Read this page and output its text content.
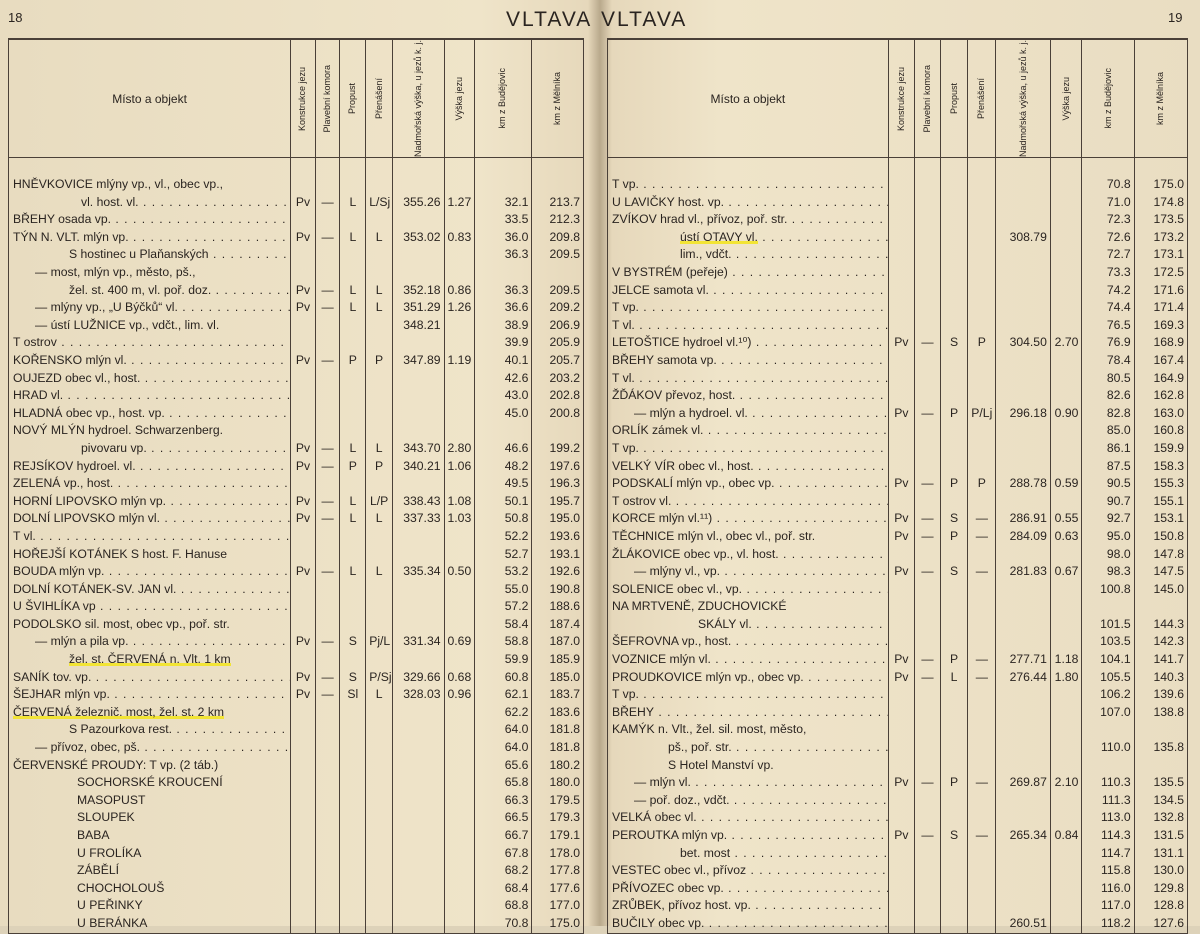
18	VLTAVA VLTAVA	19
Místo a objekt	Konstrukce jezu	Plavební komora	Propust	Přenášení	Nadmořská výška, u jezů k. j.	Výška jezu	km z Budějovic	km z Mělníka

HNĚVKOVICE mlýny vp., vl., obec vp.,								
vl. host. vl. . . .	Pv	—	L	L/Sj	355.26	1.27	32.1	213.7
BŘEHY osada vp. . . .							33.5	212.3
TÝN N. VLT. mlýn vp. . . .	Pv	—	L	L	353.02	0.83	36.0	209.8
S hostinec u Plaňanských . . .							36.3	209.5
— most, mlýn vp., město, pš.,								
žel. st. 400 m, vl. poř. doz. . . .	Pv	—	L	L	352.18	0.86	36.3	209.5
— mlýny vp., „U Býčků“ vl. . . .	Pv	—	L	L	351.29	1.26	36.6	209.2
— ústí LUŽNICE vp., vdčt., lim. vl.					348.21		38.9	206.9
T ostrov . . .							39.9	205.9
KOŘENSKO mlýn vl. . . .	Pv	—	P	P	347.89	1.19	40.1	205.7
OUJEZD obec vl., host. . . .							42.6	203.2
HRAD vl. . . .							43.0	202.8
HLADNÁ obec vp., host. vp. . . .							45.0	200.8
NOVÝ MLÝN hydroel. Schwarzenberg.								
pivovaru vp. . . .	Pv	—	L	L	343.70	2.80	46.6	199.2
REJSÍKOV hydroel. vl. . . .	Pv	—	P	P	340.21	1.06	48.2	197.6
ZELENÁ vp., host. . . .							49.5	196.3
HORNÍ LIPOVSKO mlýn vp. . . .	Pv	—	L	L/P	338.43	1.08	50.1	195.7
DOLNÍ LIPOVSKO mlýn vl. . . .	Pv	—	L	L	337.33	1.03	50.8	195.0
T vl. . . .							52.2	193.6
HOŘEJŠÍ KOTÁNEK S host. F. Hanuse							52.7	193.1
BOUDA mlýn vp. . . .	Pv	—	L	L	335.34	0.50	53.2	192.6
DOLNÍ KOTÁNEK-SV. JAN vl. . . .							55.0	190.8
U ŠVIHLÍKA vp . . .							57.2	188.6
PODOLSKO sil. most, obec vp., poř. str.							58.4	187.4
— mlýn a pila vp. . . .	Pv	—	S	Pj/L	331.34	0.69	58.8	187.0
žel. st. ČERVENÁ n. Vlt. 1 km							59.9	185.9
SANÍK tov. vp. . . .	Pv	—	S	P/Sj	329.66	0.68	60.8	185.0
ŠEJHAR mlýn vp. . . .	Pv	—	Sl	L	328.03	0.96	62.1	183.7
ČERVENÁ železnič. most, žel. st. 2 km							62.2	183.6
S Pazourkova rest. . . .							64.0	181.8
— přívoz, obec, pš. . . .							64.0	181.8
ČERVENSKÉ PROUDY: T vp. (2 táb.)							65.6	180.2
SOCHORSKÉ KROUCENÍ							65.8	180.0
MASOPUST							66.3	179.5
SLOUPEK							66.5	179.3
BABA							66.7	179.1
U FROLÍKA							67.8	178.0
ZÁBĚLÍ							68.2	177.8
CHOCHOLOUŠ							68.4	177.6
U PEŘINKY							68.8	177.0
U BERÁNKA							70.8	175.0
Místo a objekt	Konstrukce jezu	Plavební komora	Propust	Přenášení	Nadmořská výška, u jezů k. j.	Výška jezu	km z Budějovic	km z Mělníka

T vp. . . .							70.8	175.0
U LAVIČKY host. vp. . . .							71.0	174.8
ZVÍKOV hrad vl., přívoz, poř. str. . . .							72.3	173.5
ústí OTAVY vl. . . .					308.79		72.6	173.2
lim., vdčt. . . .							72.7	173.1
V BYSTRÉM (peřeje) . . .							73.3	172.5
JELCE samota vl. . . .							74.2	171.6
T vp. . . .							74.4	171.4
T vl. . . .							76.5	169.3
LETOŠTICE hydroel vl.¹⁰) . . .	Pv	—	S	P	304.50	2.70	76.9	168.9
BŘEHY samota vp. . . .							78.4	167.4
T vl. . . .							80.5	164.9
ŽĎÁKOV převoz, host. . . .							82.6	162.8
— mlýn a hydroel. vl. . . .	Pv	—	P	P/Lj	296.18	0.90	82.8	163.0
ORLÍK zámek vl. . . .							85.0	160.8
T vp. . . .							86.1	159.9
VELKÝ VÍR obec vl., host. . . .							87.5	158.3
PODSKALÍ mlýn vp., obec vp. . . .	Pv	—	P	P	288.78	0.59	90.5	155.3
T ostrov vl. . . .							90.7	155.1
KORCE mlýn vl.¹¹) . . .	Pv	—	S	—	286.91	0.55	92.7	153.1
TĚCHNICE mlýn vl., obec vl., poř. str.	Pv	—	P	—	284.09	0.63	95.0	150.8
ŽLÁKOVICE obec vp., vl. host. . . .							98.0	147.8
— mlýny vl., vp. . . .	Pv	—	S	—	281.83	0.67	98.3	147.5
SOLENICE obec vl., vp. . . .							100.8	145.0
NA MRTVENĚ, ZDUCHOVICKÉ								
SKÁLY vl. . . .							101.5	144.3
ŠEFROVNA vp., host. . . .							103.5	142.3
VOZNICE mlýn vl. . . .	Pv	—	P	—	277.71	1.18	104.1	141.7
PROUDKOVICE mlýn vp., obec vp. . . .	Pv	—	L	—	276.44	1.80	105.5	140.3
T vp. . . .							106.2	139.6
BŘEHY . . .							107.0	138.8
KAMÝK n. Vlt., žel. sil. most, město,								
pš., poř. str. . . .							110.0	135.8
S Hotel Manství vp.								
— mlýn vl. . . .	Pv	—	P	—	269.87	2.10	110.3	135.5
— poř. doz., vdčt. . . .							111.3	134.5
VELKÁ obec vl. . . .							113.0	132.8
PEROUTKA mlýn vp. . . .	Pv	—	S	—	265.34	0.84	114.3	131.5
bet. most . . .							114.7	131.1
VESTEC obec vl., přívoz . . .							115.8	130.0
PŘÍVOZEC obec vp. . . .							116.0	129.8
ZRŮBEK, přívoz host. vp. . . .							117.0	128.8
BUČILY obec vp. . . .					260.51		118.2	127.6
